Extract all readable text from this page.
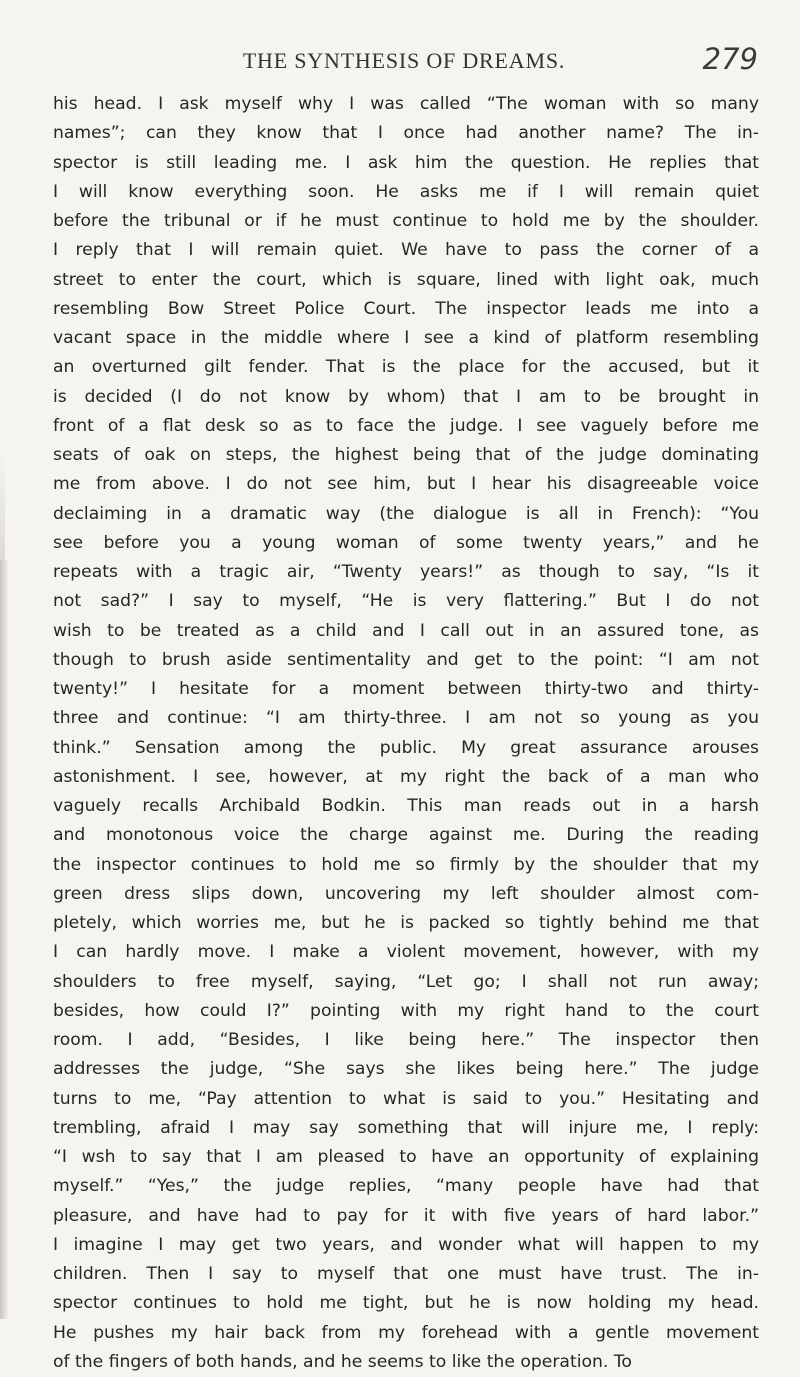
THE SYNTHESIS OF DREAMS.	279
his head. I ask myself why I was called “The woman with so many
names”; can they know that I once had another name? The in-
spector is still leading me. I ask him the question. He replies that
I will know everything soon. He asks me if I will remain quiet
before the tribunal or if he must continue to hold me by the shoulder.
I reply that I will remain quiet. We have to pass the corner of a
street to enter the court, which is square, lined with light oak, much
resembling Bow Street Police Court. The inspector leads me into a
vacant space in the middle where I see a kind of platform resembling
an overturned gilt fender. That is the place for the accused, but it
is decided (I do not know by whom) that I am to be brought in
front of a flat desk so as to face the judge. I see vaguely before me
seats of oak on steps, the highest being that of the judge dominating
me from above. I do not see him, but I hear his disagreeable voice
declaiming in a dramatic way (the dialogue is all in French): “You
see before you a young woman of some twenty years,” and he
repeats with a tragic air, “Twenty years!” as though to say, “Is it
not sad?” I say to myself, “He is very flattering.” But I do not
wish to be treated as a child and I call out in an assured tone, as
though to brush aside sentimentality and get to the point: “I am not
twenty!” I hesitate for a moment between thirty-two and thirty-
three and continue: “I am thirty-three. I am not so young as you
think.” Sensation among the public. My great assurance arouses
astonishment. I see, however, at my right the back of a man who
vaguely recalls Archibald Bodkin. This man reads out in a harsh
and monotonous voice the charge against me. During the reading
the inspector continues to hold me so firmly by the shoulder that my
green dress slips down, uncovering my left shoulder almost com-
pletely, which worries me, but he is packed so tightly behind me that
I can hardly move. I make a violent movement, however, with my
shoulders to free myself, saying, “Let go; I shall not run away;
besides, how could I?” pointing with my right hand to the court
room. I add, “Besides, I like being here.” The inspector then
addresses the judge, “She says she likes being here.” The judge
turns to me, “Pay attention to what is said to you.” Hesitating and
trembling, afraid I may say something that will injure me, I reply:
“I wsh to say that I am pleased to have an opportunity of explaining
myself.” “Yes,” the judge replies, “many people have had that
pleasure, and have had to pay for it with five years of hard labor.”
I imagine I may get two years, and wonder what will happen to my
children. Then I say to myself that one must have trust. The in-
spector continues to hold me tight, but he is now holding my head.
He pushes my hair back from my forehead with a gentle movement
of the fingers of both hands, and he seems to like the operation. To
